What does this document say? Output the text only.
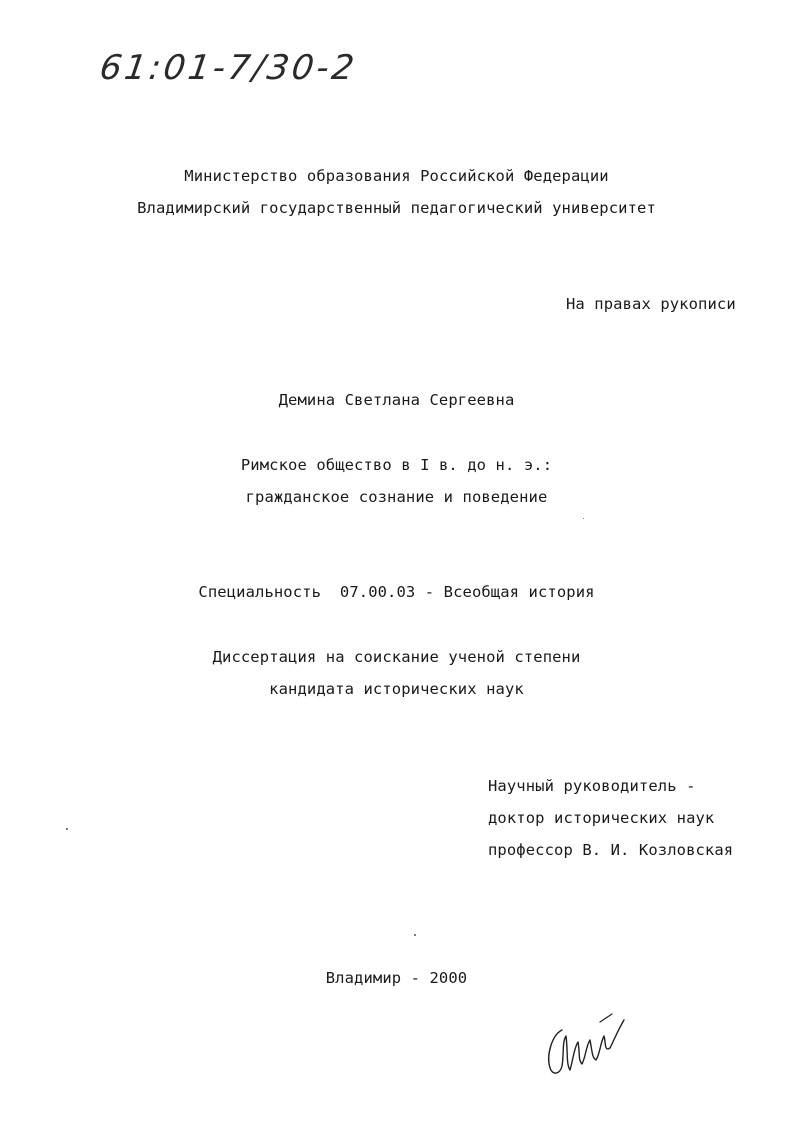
61:01-7/30-2
Министерство образования Российской Федерации
Владимирский государственный педагогический университет
На правах рукописи
Демина Светлана Сергеевна
Римское общество в I в. до н. э.:
гражданское сознание и поведение
Специальность  07.00.03 - Всеобщая история
Диссертация на соискание ученой степени
кандидата исторических наук
Научный руководитель -
доктор исторических наук
профессор В. И. Козловская
Владимир - 2000
